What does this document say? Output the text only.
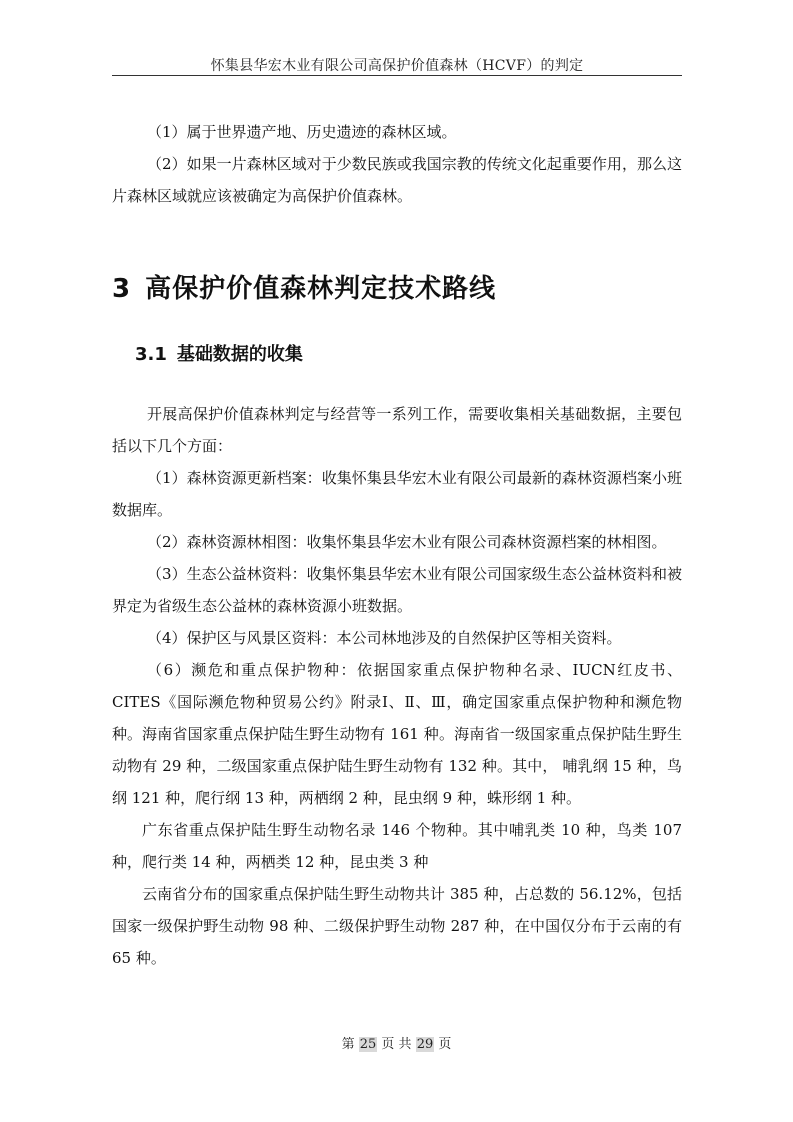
怀集县华宏木业有限公司高保护价值森林（HCVF）的判定

（1）属于世界遗产地、历史遗迹的森林区域。

（2）如果一片森林区域对于少数民族或我国宗教的传统文化起重要作用，那么这片森林区域就应该被确定为高保护价值森林。

3 高保护价值森林判定技术路线
3.1 基础数据的收集

开展高保护价值森林判定与经营等一系列工作，需要收集相关基础数据，主要包括以下几个方面：

（1）森林资源更新档案：收集怀集县华宏木业有限公司最新的森林资源档案小班数据库。

（2）森林资源林相图：收集怀集县华宏木业有限公司森林资源档案的林相图。

（3）生态公益林资料：收集怀集县华宏木业有限公司国家级生态公益林资料和被界定为省级生态公益林的森林资源小班数据。

（4）保护区与风景区资料：本公司林地涉及的自然保护区等相关资料。

（6）濒危和重点保护物种：依据国家重点保护物种名录、IUCN红皮书、CITES《国际濒危物种贸易公约》附录Ⅰ、Ⅱ、Ⅲ，确定国家重点保护物种和濒危物种。 海南省国家重点保护陆生野生动物有 161 种。海南省一级国家重点保护陆生野生动物有 29 种，二级国家重点保护陆生野生动物有 132 种。其中， 哺乳纲 15 种，鸟纲 121 种，爬行纲 13 种，两栖纲 2 种，昆虫纲 9 种，蛛形纲 1 种。

广东省重点保护陆生野生动物名录 146 个物种。其中哺乳类 10 种，鸟类 107 种，爬行类 14 种，两栖类 12 种，昆虫类 3 种

云南省分布的国家重点保护陆生野生动物共计 385 种，占总数的 56.12%，包括国家一级保护野生动物 98 种、二级保护野生动物 287 种，在中国仅分布于云南的有 65 种。

第 25 页 共 29 页
